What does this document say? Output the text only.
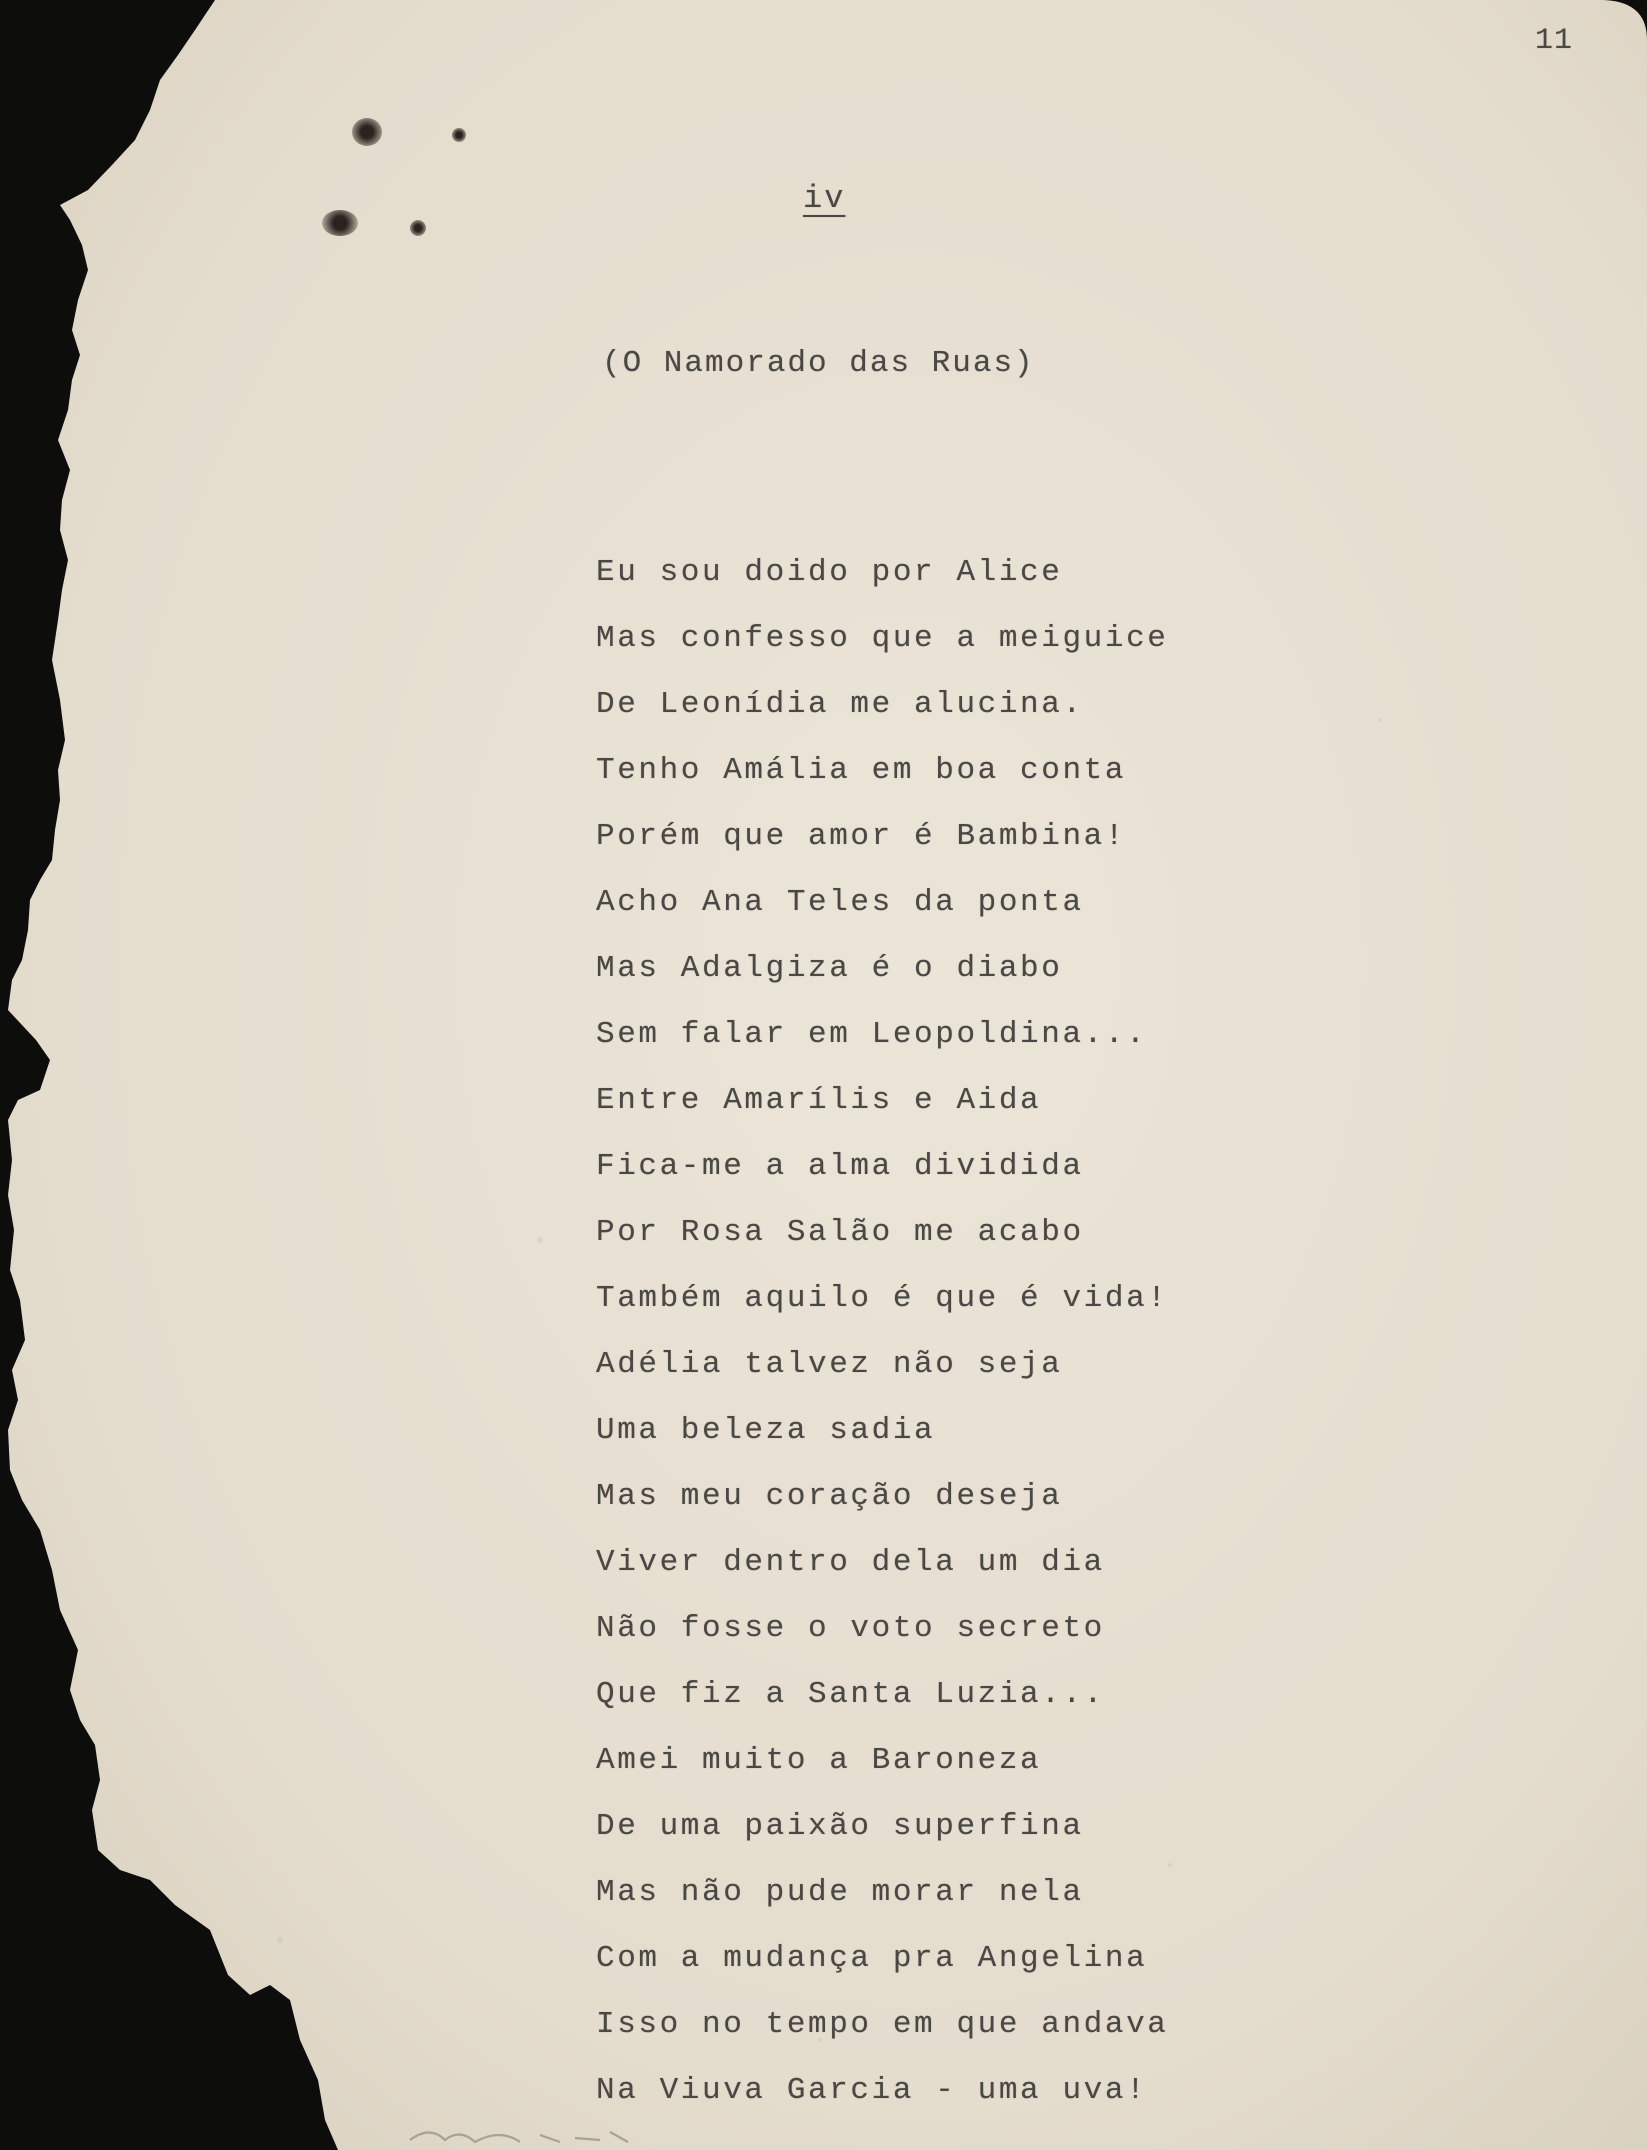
11
iv
(O Namorado das Ruas)
Eu sou doido por Alice
Mas confesso que a meiguice
De Leonídia me alucina.
Tenho Amália em boa conta
Porém que amor é Bambina!
Acho Ana Teles da ponta
Mas Adalgiza é o diabo
Sem falar em Leopoldina...
Entre Amarílis e Aida
Fica-me a alma dividida
Por Rosa Salão me acabo
Também aquilo é que é vida!
Adélia talvez não seja
Uma beleza sadia
Mas meu coração deseja
Viver dentro dela um dia
Não fosse o voto secreto
Que fiz a Santa Luzia...
Amei muito a Baroneza
De uma paixão superfina
Mas não pude morar nela
Com a mudança pra Angelina
Isso no tempo em que andava
Na Viuva Garcia - uma uva!
